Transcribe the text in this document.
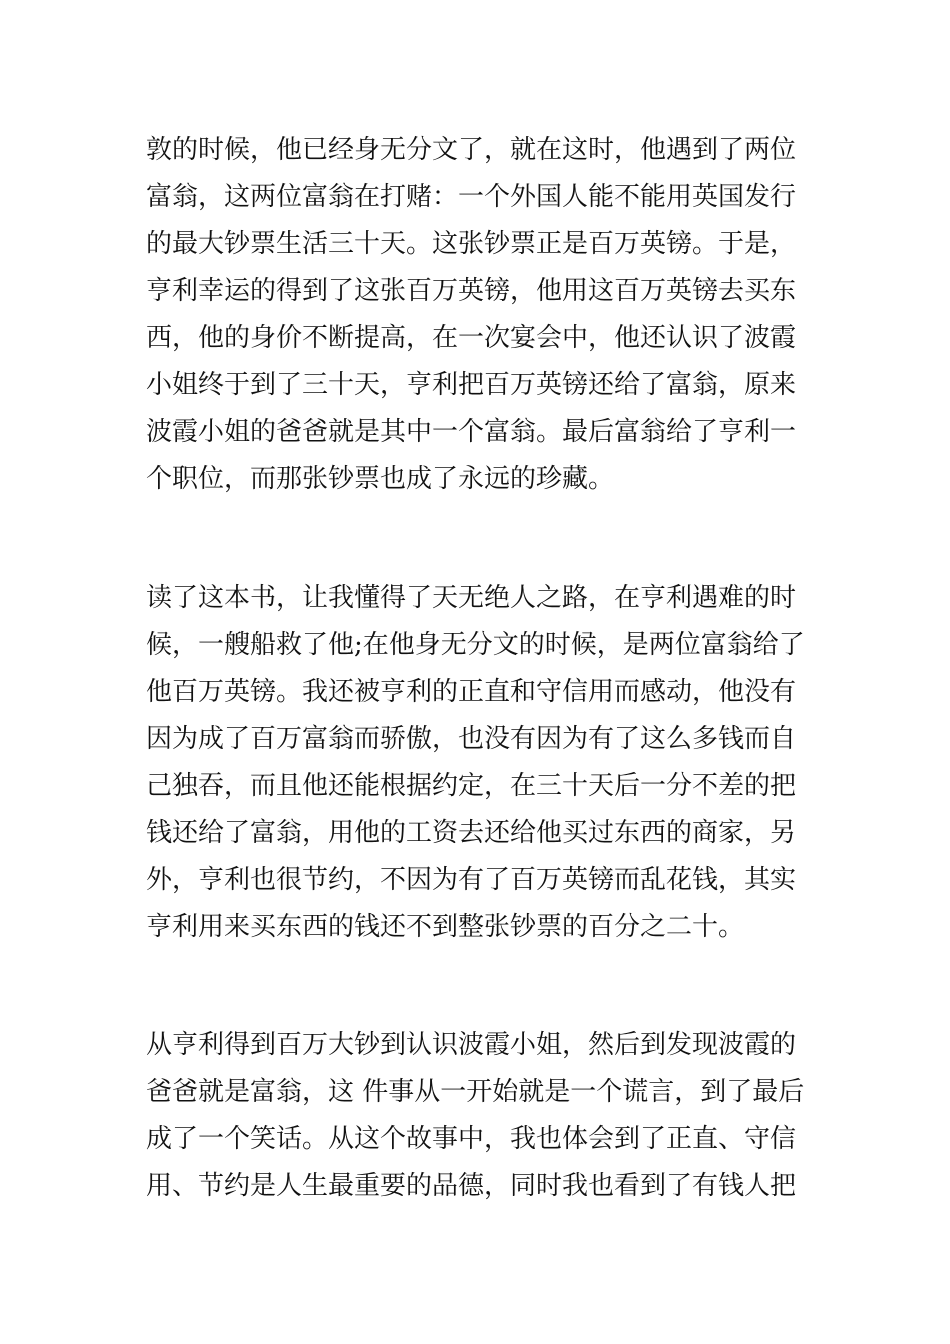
敦的时候，他已经身无分文了，就在这时，他遇到了两位
富翁，这两位富翁在打赌：一个外国人能不能用英国发行
的最大钞票生活三十天。这张钞票正是百万英镑。于是，
亨利幸运的得到了这张百万英镑，他用这百万英镑去买东
西，他的身价不断提高，在一次宴会中，他还认识了波霞
小姐终于到了三十天，亨利把百万英镑还给了富翁，原来
波霞小姐的爸爸就是其中一个富翁。最后富翁给了亨利一
个职位，而那张钞票也成了永远的珍藏。
读了这本书，让我懂得了天无绝人之路，在亨利遇难的时
候，一艘船救了他;在他身无分文的时候，是两位富翁给了
他百万英镑。我还被亨利的正直和守信用而感动，他没有
因为成了百万富翁而骄傲，也没有因为有了这么多钱而自
己独吞，而且他还能根据约定，在三十天后一分不差的把
钱还给了富翁，用他的工资去还给他买过东西的商家，另
外，亨利也很节约，不因为有了百万英镑而乱花钱，其实
亨利用来买东西的钱还不到整张钞票的百分之二十。
从亨利得到百万大钞到认识波霞小姐，然后到发现波霞的
爸爸就是富翁，这 件事从一开始就是一个谎言，到了最后
成了一个笑话。从这个故事中，我也体会到了正直、守信
用、节约是人生最重要的品德，同时我也看到了有钱人把
